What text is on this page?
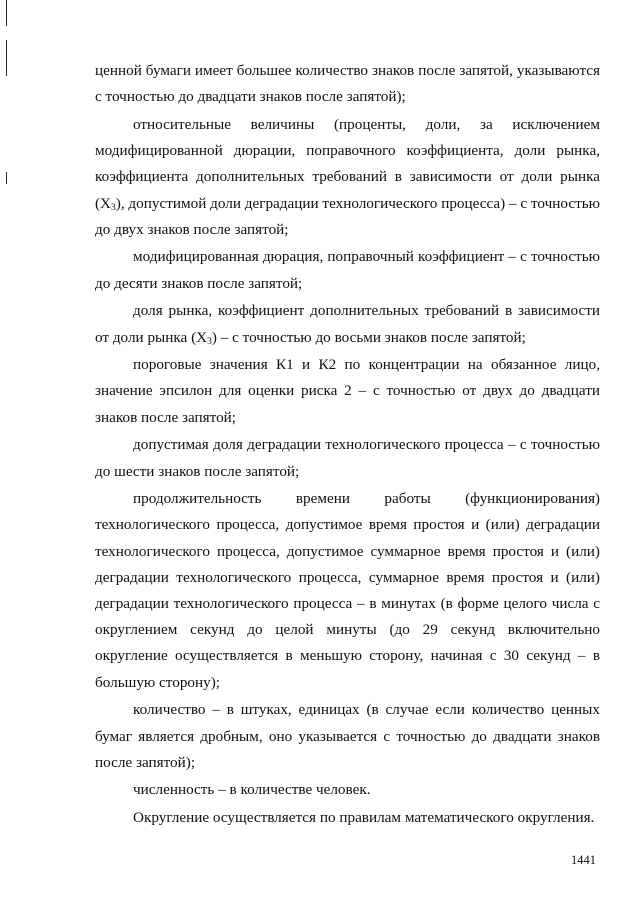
ценной бумаги имеет большее количество знаков после запятой, указываются с точностью до двадцати знаков после запятой);

относительные величины (проценты, доли, за исключением модифицированной дюрации, поправочного коэффициента, доли рынка, коэффициента дополнительных требований в зависимости от доли рынка $(Х_3)$, допустимой доли деградации технологического процесса) – с точностью до двух знаков после запятой;

модифицированная дюрация, поправочный коэффициент – с точностью до десяти знаков после запятой;

доля рынка, коэффициент дополнительных требований в зависимости от доли рынка $(Х_3)$ – с точностью до восьми знаков после запятой;

пороговые значения К1 и К2 по концентрации на обязанное лицо, значение эпсилон для оценки риска 2 – с точностью от двух до двадцати знаков после запятой;

допустимая доля деградации технологического процесса – с точностью до шести знаков после запятой;

продолжительность времени работы (функционирования) технологического процесса, допустимое время простоя и (или) деградации технологического процесса, допустимое суммарное время простоя и (или) деградации технологического процесса, суммарное время простоя и (или) деградации технологического процесса – в минутах (в форме целого числа с округлением секунд до целой минуты (до 29 секунд включительно округление осуществляется в меньшую сторону, начиная с 30 секунд – в большую сторону);

количество – в штуках, единицах (в случае если количество ценных бумаг является дробным, оно указывается с точностью до двадцати знаков после запятой);

численность – в количестве человек.

Округление осуществляется по правилам математического округления.

1441
